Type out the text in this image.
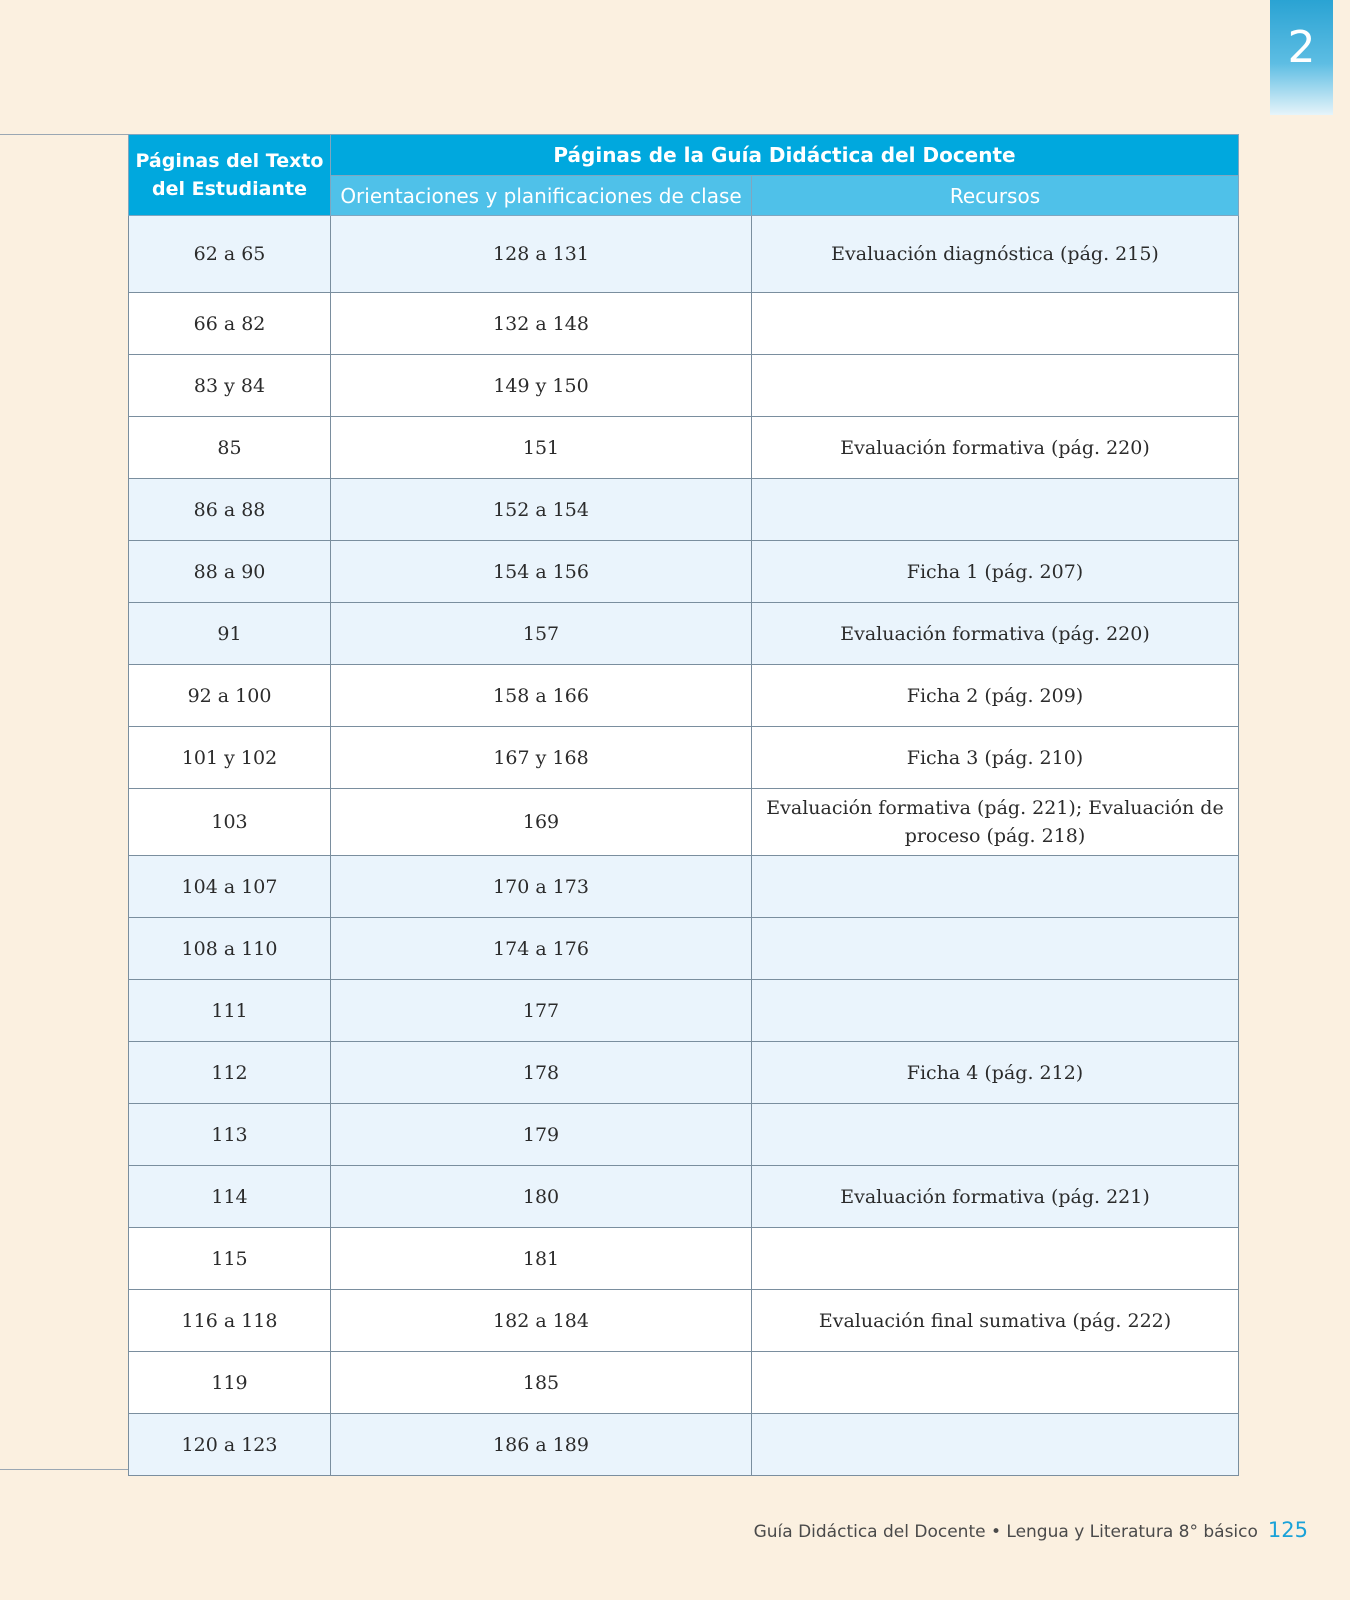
2
Páginas del Texto del Estudiante	Páginas de la Guía Didáctica del Docente	
	Orientaciones y planificaciones de clase	Recursos
62 a 65	128 a 131	Evaluación diagnóstica (pág. 215)
66 a 82	132 a 148	
83 y 84	149 y 150	
85	151	Evaluación formativa (pág. 220)
86 a 88	152 a 154	
88 a 90	154 a 156	Ficha 1 (pág. 207)
91	157	Evaluación formativa (pág. 220)
92 a 100	158 a 166	Ficha 2 (pág. 209)
101 y 102	167 y 168	Ficha 3 (pág. 210)
103	169	Evaluación formativa (pág. 221); Evaluación de proceso (pág. 218)
104 a 107	170 a 173	
108 a 110	174 a 176	
111	177	
112	178	Ficha 4 (pág. 212)
113	179	
114	180	Evaluación formativa (pág. 221)
115	181	
116 a 118	182 a 184	Evaluación final sumativa (pág. 222)
119	185	
120 a 123	186 a 189	
Guía Didáctica del Docente • Lengua y Literatura 8° básico 125
